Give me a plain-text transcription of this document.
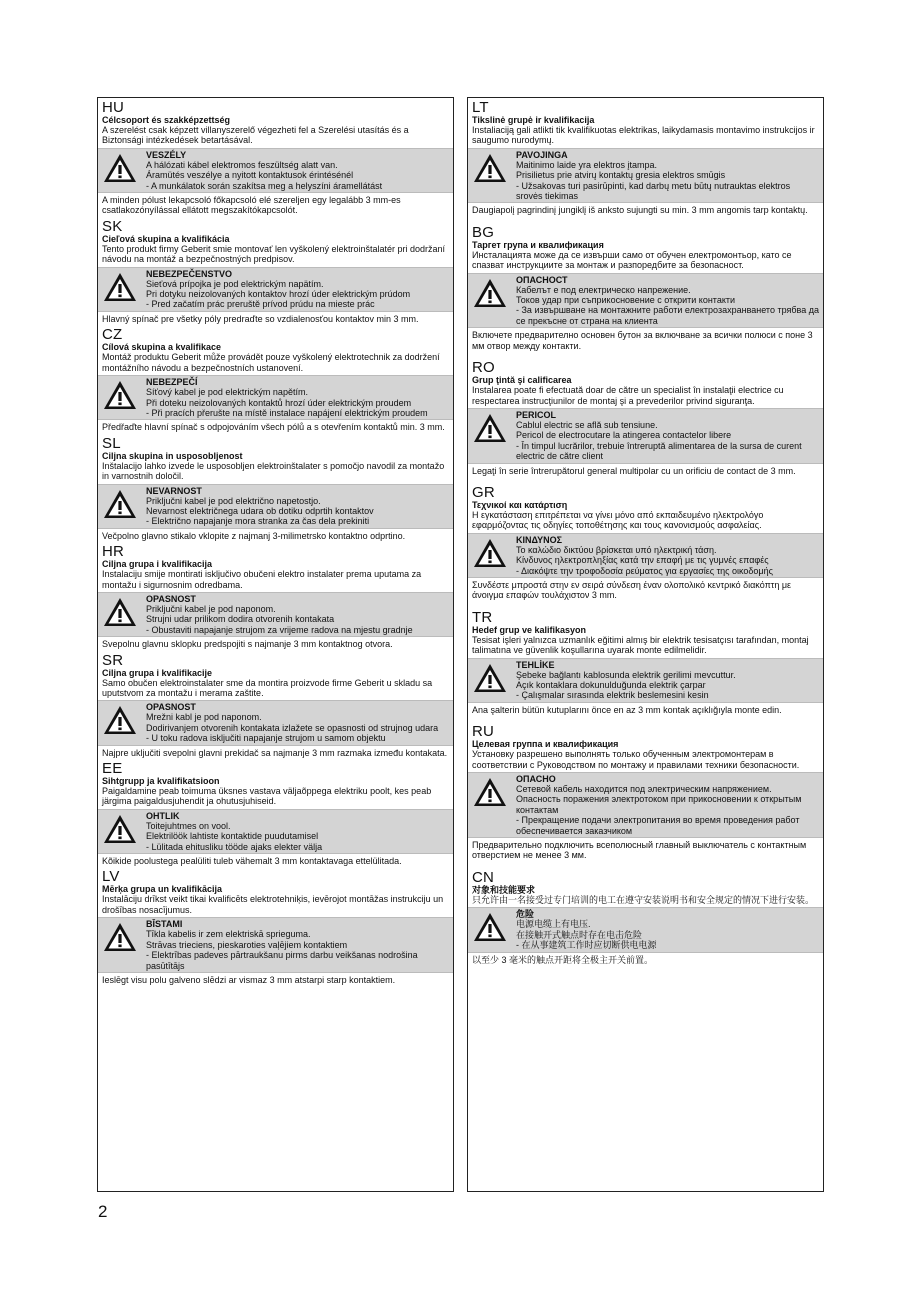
HU
Célcsoport és szakképzettség
A szerelést csak képzett villanyszerelő végezheti fel a Szerelési utasítás és a Biztonsági intézkedések betartásával.
VESZÉLY
A hálózati kábel elektromos feszültség alatt van.
Áramütés veszélye a nyitott kontaktusok érintésénél
- A munkálatok során szakítsa meg a helyszíni áramellátást
A minden pólust lekapcsoló főkapcsoló elé szereljen egy legalább 3 mm-es csatlakozónyílással ellátott megszakítókapcsolót.
SK
Cieľová skupina a kvalifikácia
Tento produkt firmy Geberit smie montovať len vyškolený elektroinštalatér pri dodržaní návodu na montáž a bezpečnostných predpisov.
NEBEZPEČENSTVO
Sieťová prípojka je pod elektrickým napätím.
Pri dotyku neizolovaných kontaktov hrozí úder elektrickým prúdom
- Pred začatím prác preruště prívod prúdu na mieste prác
Hlavný spínač pre všetky póly predraďte so vzdialenosťou kontaktov min 3 mm.
CZ
Cílová skupina a kvalifikace
Montáž produktu Geberit může provádět pouze vyškolený elektrotechnik za dodržení montážního návodu a bezpečnostních ustanovení.
NEBEZPEČÍ
Síťový kabel je pod elektrickým napětím.
Při doteku neizolovaných kontaktů hrozí úder elektrickým proudem
- Při pracích přerušte na místě instalace napájení elektrickým proudem
Předřaďte hlavní spínač s odpojováním všech pólů a s otevřením kontaktů min. 3 mm.
SL
Ciljna skupina in usposobljenost
Inštalacijo lahko izvede le usposobljen elektroinštalater s pomočjo navodil za montažo in varnostnih določil.
NEVARNOST
Priključni kabel je pod električno napetostjo.
Nevarnost električnega udara ob dotiku odprtih kontaktov
- Električno napajanje mora stranka za čas dela prekiniti
Večpolno glavno stikalo vklopite z najmanj 3-milimetrsko kontaktno odprtino.
HR
Ciljna grupa i kvalifikacija
Instalaciju smije montirati isključivo obučeni elektro instalater prema uputama za montažu i sigurnosnim odredbama.
OPASNOST
Priključni kabel je pod naponom.
Strujni udar prilikom dodira otvorenih kontakata
- Obustaviti napajanje strujom za vrijeme radova na mjestu gradnje
Svepolnu glavnu sklopku predspojiti s najmanje 3 mm kontaktnog otvora.
SR
Ciljna grupa i kvalifikacije
Samo obučen elektroinstalater sme da montira proizvode firme Geberit u skladu sa uputstvom za montažu i merama zaštite.
OPASNOST
Mrežni kabl je pod naponom.
Dodirivanjem otvorenih kontakata izlažete se opasnosti od strujnog udara
- U toku radova isključiti napajanje strujom u samom objektu
Najpre uključiti svepolni glavni prekidač sa najmanje 3 mm razmaka između kontakata.
EE
Sihtgrupp ja kvalifikatsioon
Paigaldamine peab toimuma üksnes vastava väljaõppega elektriku poolt, kes peab järgima paigaldusjuhendit ja ohutusjuhiseid.
OHTLIK
Toitejuhtmes on vool.
Elektrilöök lahtiste kontaktide puudutamisel
- Lülitada ehitusliku tööde ajaks elekter välja
Kõikide poolustega pealüliti tuleb vähemalt 3 mm kontaktavaga ettelülitada.
LV
Mērķa grupa un kvalifikācija
Instalāciju drīkst veikt tikai kvalificēts elektrotehniķis, ievērojot montāžas instrukciju un drošības nosacījumus.
BĪSTAMI
Tīkla kabelis ir zem elektriskā sprieguma.
Strāvas trieciens, pieskaroties vaļējiem kontaktiem
- Elektrības padeves pārtraukšanu pirms darbu veikšanas nodrošina pasūtītājs
Ieslēgt visu polu galveno slēdzi ar vismaz 3 mm atstarpi starp kontaktiem.
LT
Tikslinė grupė ir kvalifikacija
Instaliaciją gali atlikti tik kvalifikuotas elektrikas, laikydamasis montavimo instrukcijos ir saugumo nurodymų.
PAVOJINGA
Maitinimo laide yra elektros įtampa.
Prisilietus prie atvirų kontaktų gresia elektros smūgis
- Užsakovas turi pasirūpinti, kad darbų metu būtų nutrauktas elektros srovės tiekimas
Daugiapolį pagrindinį jungiklį iš anksto sujungti su min. 3 mm angomis tarp kontaktų.
BG
Таргет група и квалификация
Инсталацията може да се извърши само от обучен електромонтьор, като се спазват инструкциите за монтаж и разпоредбите за безопасност.
ОПАСНОСТ
Кабелът е под електрическо напрежение.
Токов удар при съприкосновение с открити контакти
- За извършване на монтажните работи електрозахранването трябва да се прекъсне от страна на клиента
Включете предварително основен бутон за включване за всички полюси с поне 3 мм отвор между контакти.
RO
Grup ţintă şi calificarea
Instalarea poate fi efectuată doar de către un specialist în instalaţii electrice cu respectarea instrucţiunilor de montaj şi a prevederilor privind siguranţa.
PERICOL
Cablul electric se află sub tensiune.
Pericol de electrocutare la atingerea contactelor libere
- În timpul lucrărilor, trebuie întreruptă alimentarea de la sursa de curent electric de către client
Legaţi în serie întrerupătorul general multipolar cu un orificiu de contact de 3 mm.
GR
Τεχνικοί και κατάρτιση
Η εγκατάσταση επιτρέπεται να γίνει μόνο από εκπαιδευμένο ηλεκτρολόγο εφαρμόζοντας τις οδηγίες τοποθέτησης και τους κανονισμούς ασφαλείας.
ΚΙΝΔΥΝΟΣ
Το καλώδιο δικτύου βρίσκεται υπό ηλεκτρική τάση.
Κίνδυνος ηλεκτροπληξίας κατά την επαφή με τις γυμνές επαφές
- Διακόψτε την τροφοδοσία ρεύματος για εργασίες της οικοδομής
Συνδέστε μπροστά στην εν σειρά σύνδεση έναν ολοπολικό κεντρικό διακόπτη με άνοιγμα επαφών τουλάχιστον 3 mm.
TR
Hedef grup ve kalifikasyon
Tesisat işleri yalnızca uzmanlık eğitimi almış bir elektrik tesisatçısı tarafından, montaj talimatına ve güvenlik koşullarına uyarak monte edilmelidir.
TEHLİKE
Şebeke bağlantı kablosunda elektrik gerilimi mevcuttur.
Açık kontaklara dokunulduğunda elektrik çarpar
- Çalışmalar sırasında elektrik beslemesini kesin
Ana şalterin bütün kutuplarını önce en az 3 mm kontak açıklığıyla monte edin.
RU
Целевая группа и квалификация
Установку разрешено выполнять только обученным электромонтерам в соответствии с Руководством по монтажу и правилами техники безопасности.
ОПАСНО
Сетевой кабель находится под электрическим напряжением.
Опасность поражения электротоком при прикосновении к открытым контактам
- Прекращение подачи электропитания во время проведения работ обеспечивается заказчиком
Предварительно подключить всеполюсный главный выключатель с контактным отверстием не менее 3 мм.
CN
对象和技能要求
只允许由一名接受过专门培训的电工在遵守安装说明书和安全规定的情况下进行安装。
危险
电源电缆上有电压.
在接触开式触点时存在电击危险
- 在从事建筑工作时应切断供电电源
以至少 3 毫米的触点开距将全极主开关前置。
2
